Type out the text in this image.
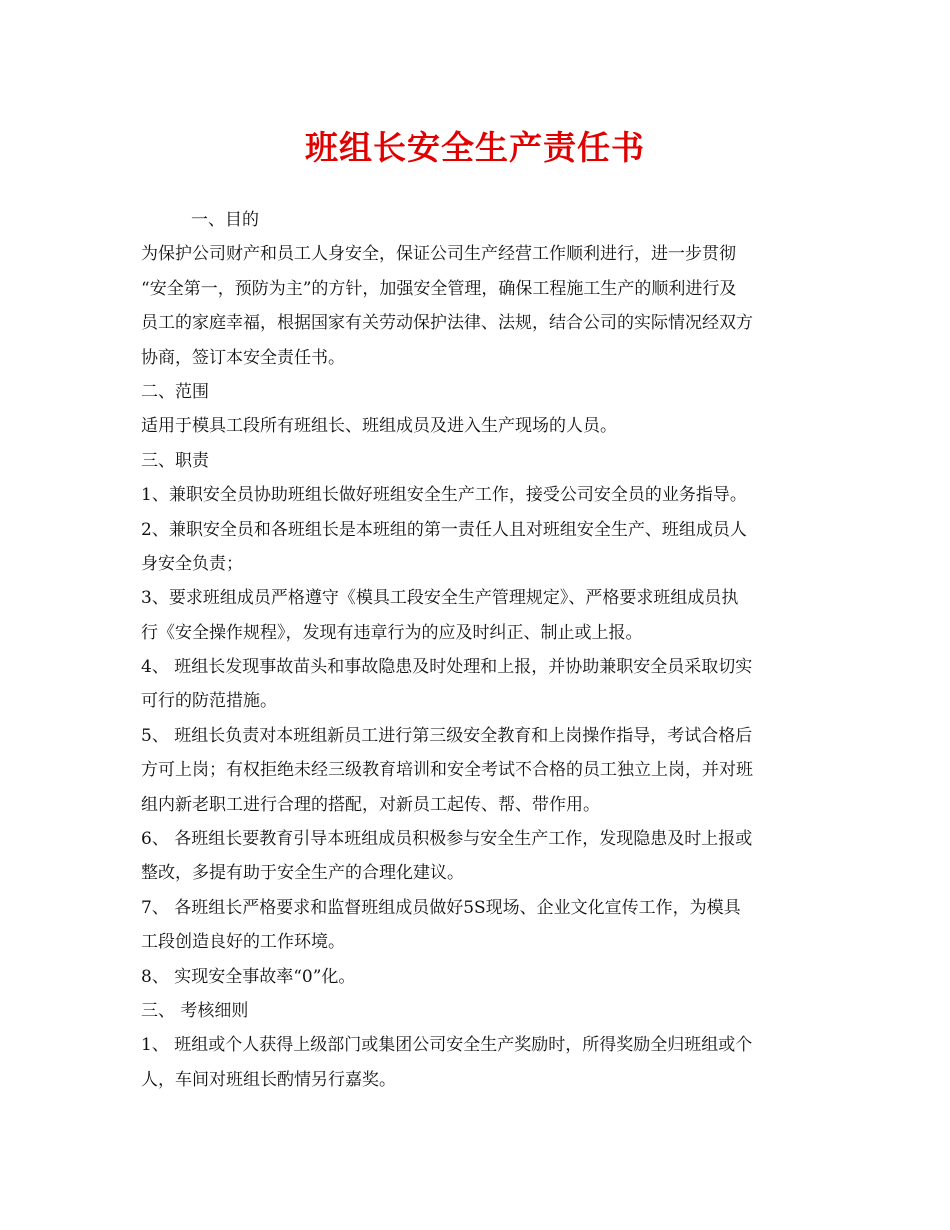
班组长安全生产责任书
一、目的
为保护公司财产和员工人身安全，保证公司生产经营工作顺利进行，进一步贯彻
“安全第一，预防为主”的方针，加强安全管理，确保工程施工生产的顺利进行及
员工的家庭幸福，根据国家有关劳动保护法律、法规，结合公司的实际情况经双方
协商，签订本安全责任书。
二、范围
适用于模具工段所有班组长、班组成员及进入生产现场的人员。
三、职责
1、兼职安全员协助班组长做好班组安全生产工作，接受公司安全员的业务指导。
2、兼职安全员和各班组长是本班组的第一责任人且对班组安全生产、班组成员人
身安全负责；
3、要求班组成员严格遵守《模具工段安全生产管理规定》、严格要求班组成员执
行《安全操作规程》，发现有违章行为的应及时纠正、制止或上报。
4、 班组长发现事故苗头和事故隐患及时处理和上报，并协助兼职安全员采取切实
可行的防范措施。
5、 班组长负责对本班组新员工进行第三级安全教育和上岗操作指导，考试合格后
方可上岗；有权拒绝未经三级教育培训和安全考试不合格的员工独立上岗，并对班
组内新老职工进行合理的搭配，对新员工起传、帮、带作用。
6、 各班组长要教育引导本班组成员积极参与安全生产工作，发现隐患及时上报或
整改，多提有助于安全生产的合理化建议。
7、 各班组长严格要求和监督班组成员做好5S现场、企业文化宣传工作，为模具
工段创造良好的工作环境。
8、 实现安全事故率“0”化。
三、 考核细则
1、 班组或个人获得上级部门或集团公司安全生产奖励时，所得奖励全归班组或个
人，车间对班组长酌情另行嘉奖。
